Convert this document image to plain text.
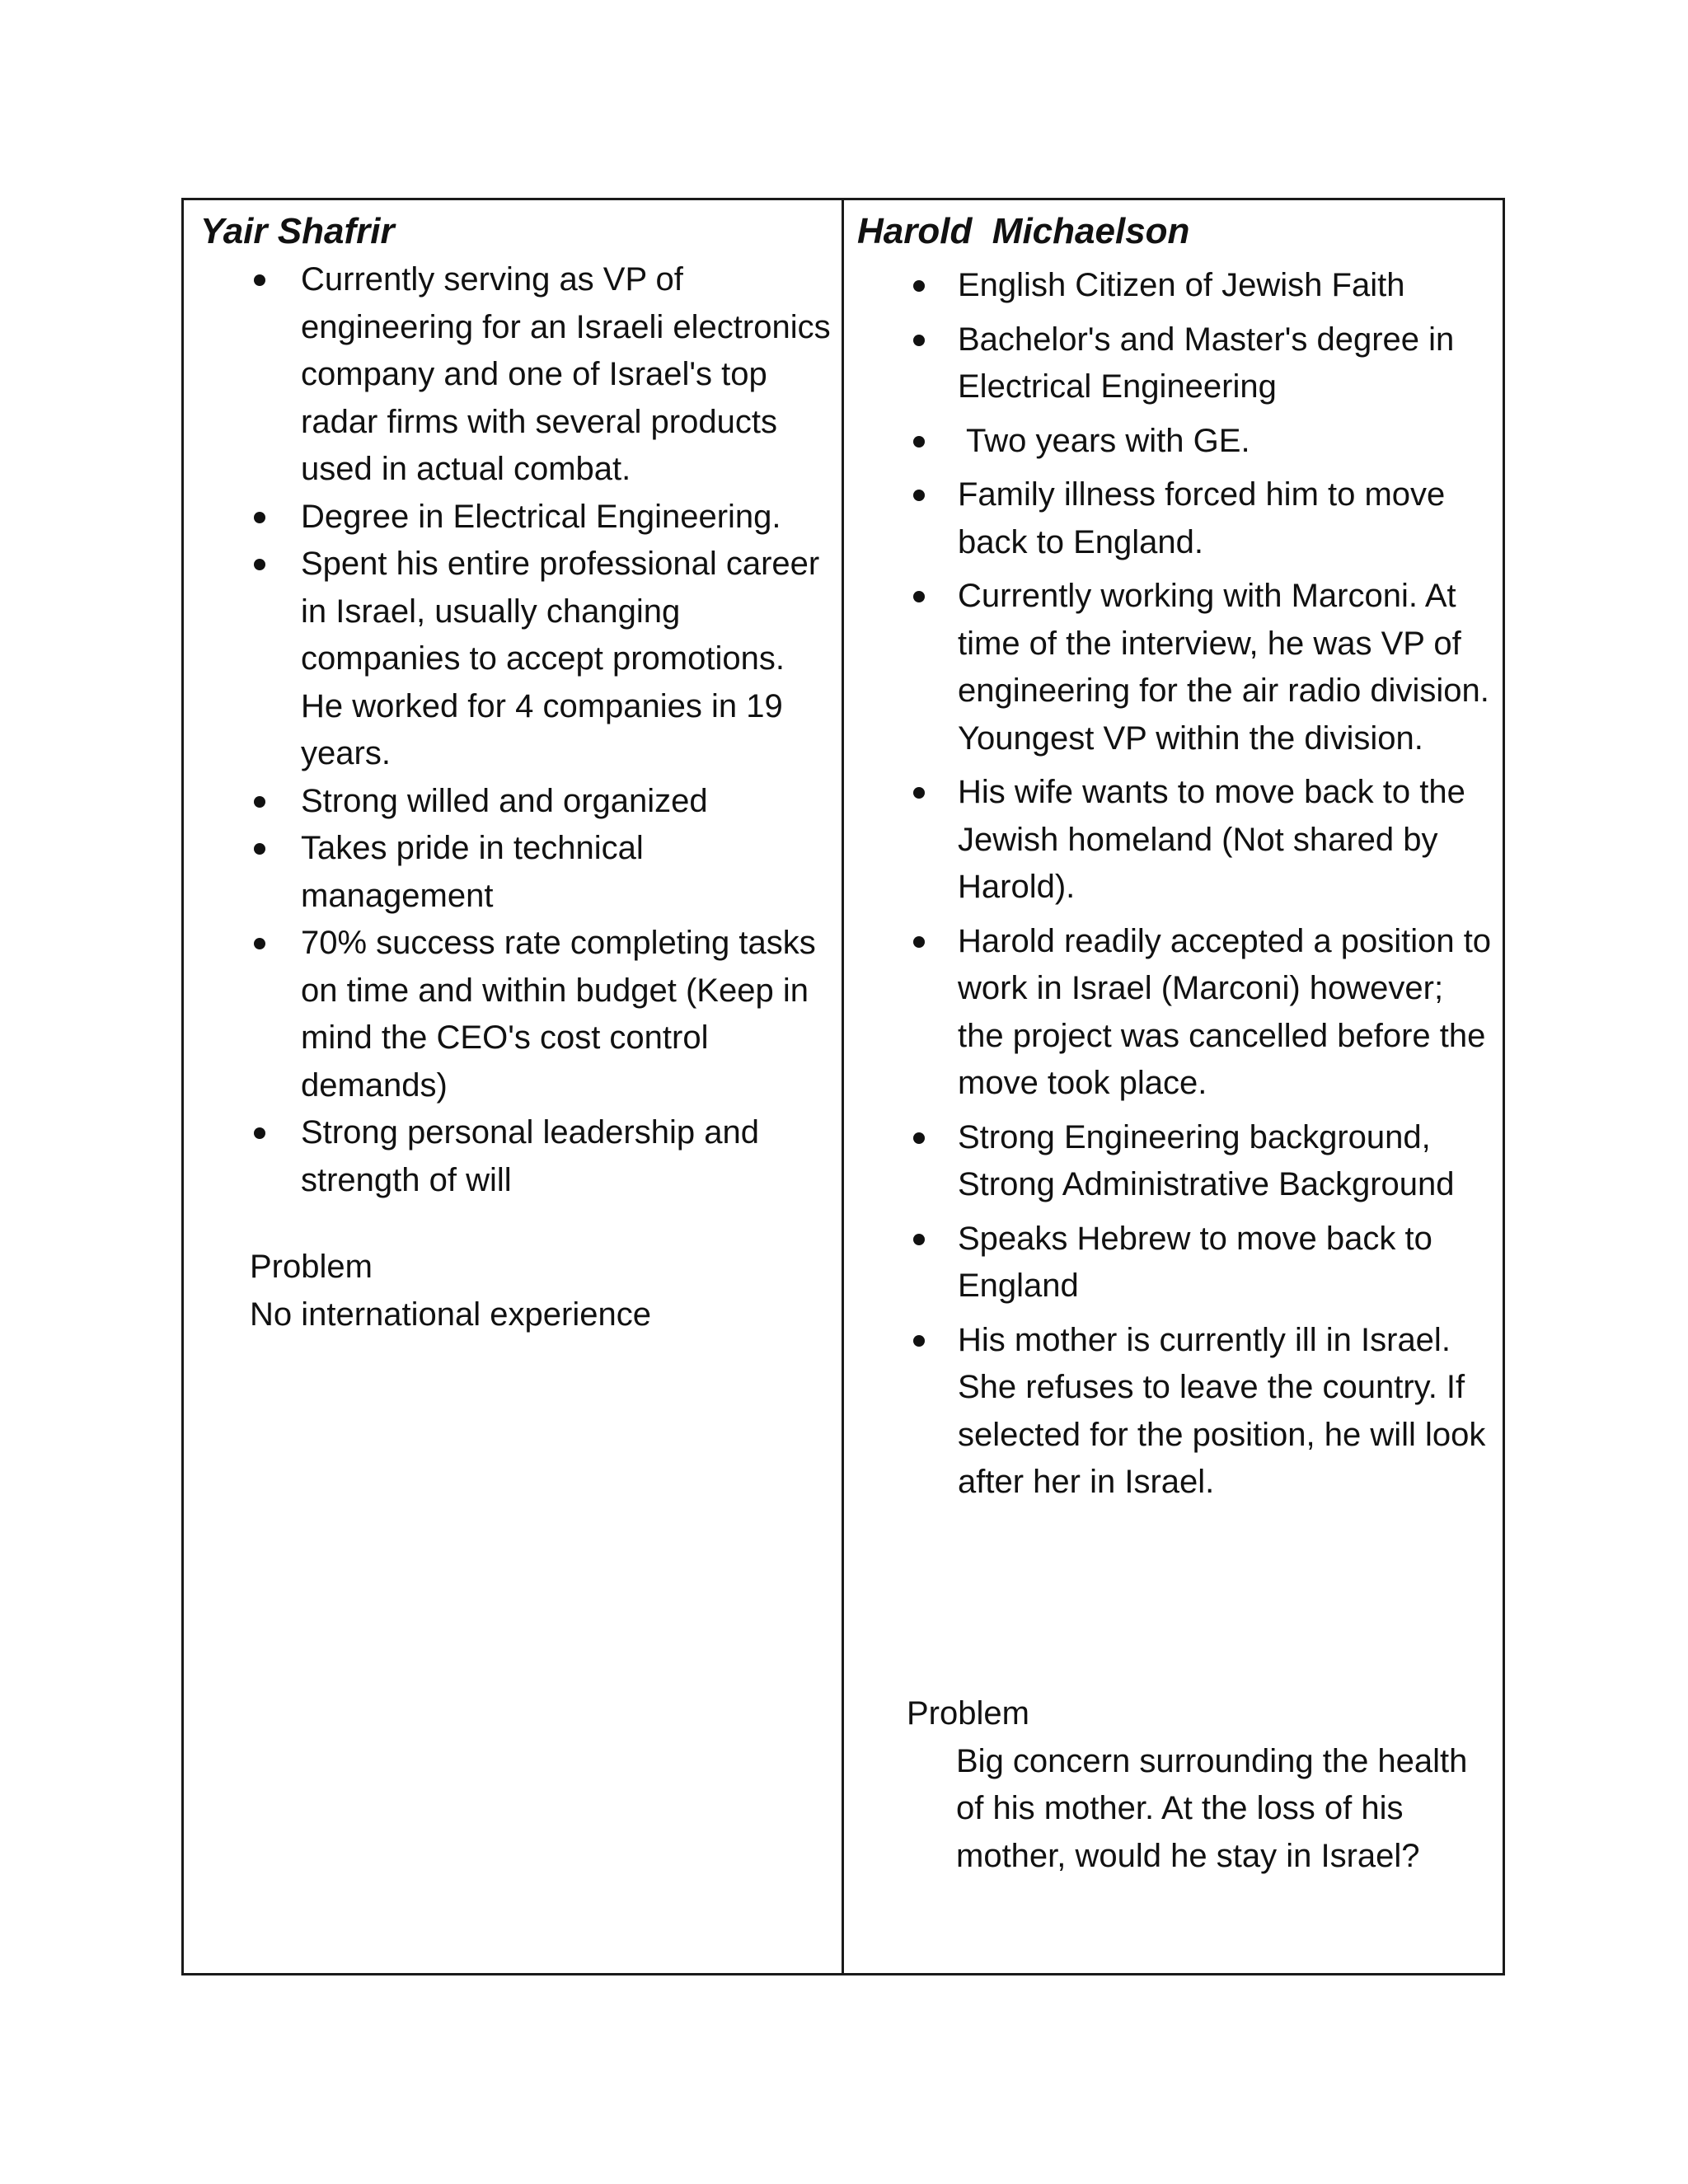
Yair Shafrir
Currently serving as VP of engineering for an Israeli electronics company and one of Israel's top radar firms with several products used in actual combat.
Degree in Electrical Engineering.
Spent his entire professional career in Israel, usually changing companies to accept promotions. He worked for 4 companies in 19 years.
Strong willed and organized
Takes pride in technical management
70% success rate completing tasks on time and within budget (Keep in mind the CEO's cost control demands)
Strong personal leadership and strength of will
Problem
No international experience
Harold  Michaelson
English Citizen of Jewish Faith
Bachelor's and Master's degree in Electrical Engineering
Two years with GE.
Family illness forced him to move back to England.
Currently working with Marconi. At time of the interview, he was VP of engineering for the air radio division. Youngest VP within the division.
His wife wants to move back to the Jewish homeland (Not shared by Harold).
Harold readily accepted a position to work in Israel (Marconi) however; the project was cancelled before the move took place.
Strong Engineering background, Strong Administrative Background
Speaks Hebrew to move back to England
His mother is currently ill in Israel. She refuses to leave the country. If selected for the position, he will look after her in Israel.
Problem
Big concern surrounding the health of his mother. At the loss of his mother, would he stay in Israel?
